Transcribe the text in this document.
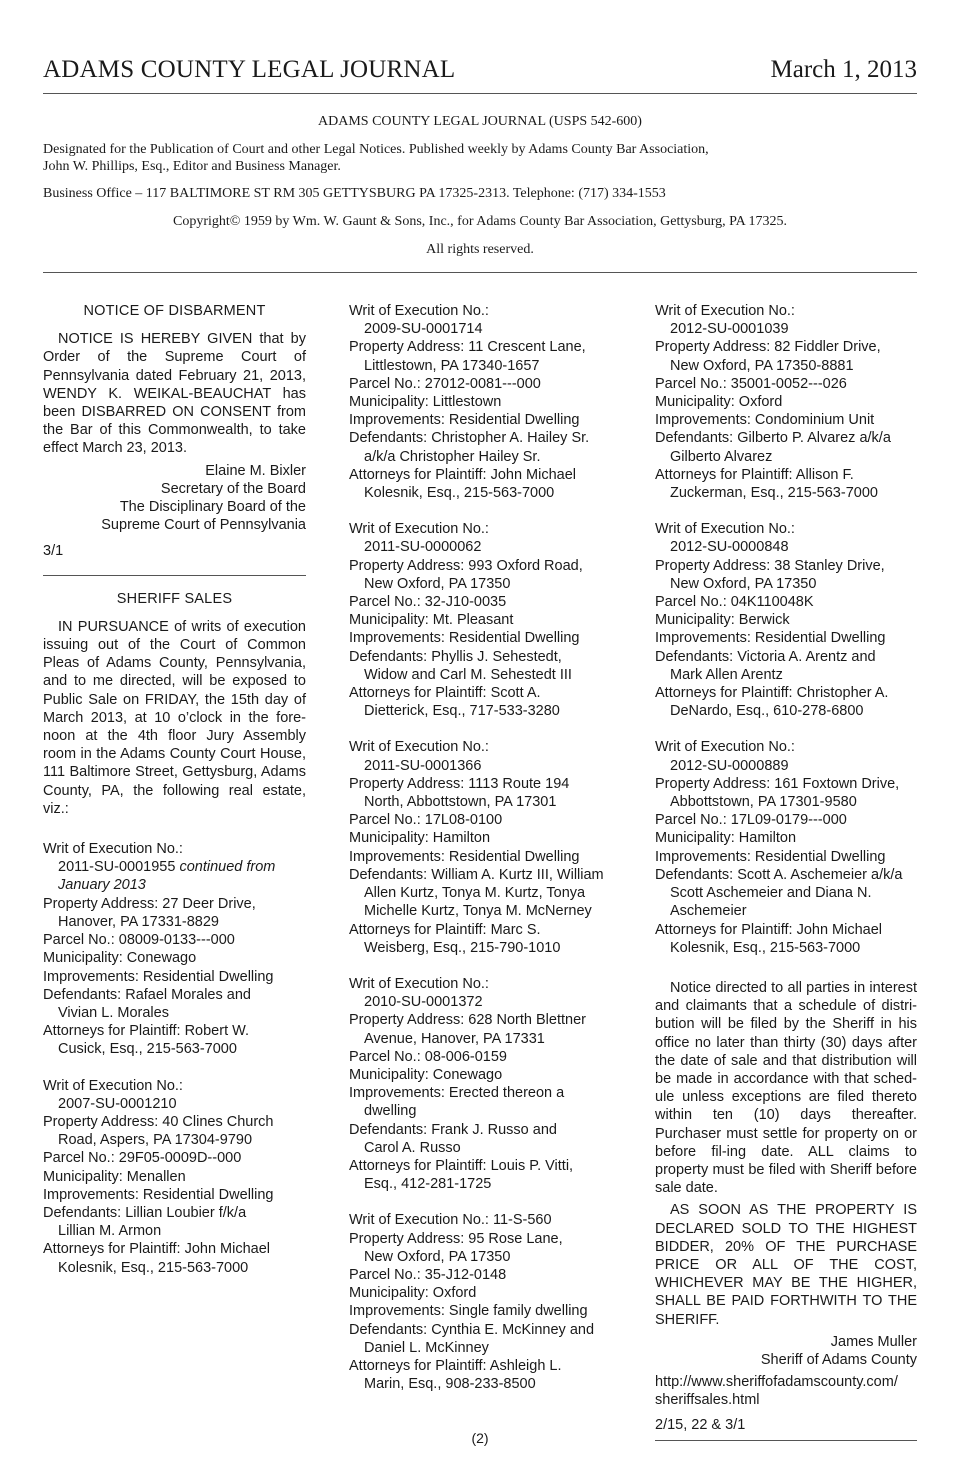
ADAMS COUNTY LEGAL JOURNAL	March 1, 2013
ADAMS COUNTY LEGAL JOURNAL (USPS 542-600)
Designated for the Publication of Court and other Legal Notices. Published weekly by Adams County Bar Association,
John W. Phillips, Esq., Editor and Business Manager.
Business Office – 117 BALTIMORE ST RM 305 GETTYSBURG PA 17325-2313. Telephone: (717) 334-1553
Copyright© 1959 by Wm. W. Gaunt & Sons, Inc., for Adams County Bar Association, Gettysburg, PA 17325.
All rights reserved.
NOTICE OF DISBARMENT

NOTICE IS HEREBY GIVEN that by Order of the Supreme Court of Pennsylvania dated February 21, 2013, WENDY K. WEIKAL-BEAUCHAT has been DISBARRED ON CONSENT from the Bar of this Commonwealth, to take effect March 23, 2013.

Elaine M. Bixler
Secretary of the Board
The Disciplinary Board of the
Supreme Court of Pennsylvania

3/1

SHERIFF SALES

IN PURSUANCE of writs of execution issuing out of the Court of Common Pleas of Adams County, Pennsylvania, and to me directed, will be exposed to Public Sale on FRIDAY, the 15th day of March 2013, at 10 o’clock in the fore-noon at the 4th floor Jury Assembly room in the Adams County Court House, 111 Baltimore Street, Gettysburg, Adams County, PA, the following real estate, viz.:

Writ of Execution No.:

2011-SU-0001955 continued from

January 2013

Property Address: 27 Deer Drive,

Hanover, PA 17331-8829

Parcel No.: 08009-0133---000

Municipality: Conewago

Improvements: Residential Dwelling

Defendants: Rafael Morales and

Vivian L. Morales

Attorneys for Plaintiff: Robert W.

Cusick, Esq., 215-563-7000

Writ of Execution No.:

2007-SU-0001210

Property Address: 40 Clines Church

Road, Aspers, PA 17304-9790

Parcel No.: 29F05-0009D--000

Municipality: Menallen

Improvements: Residential Dwelling

Defendants: Lillian Loubier f/k/a

Lillian M. Armon

Attorneys for Plaintiff: John Michael

Kolesnik, Esq., 215-563-7000

Writ of Execution No.:

2009-SU-0001714

Property Address: 11 Crescent Lane,

Littlestown, PA 17340-1657

Parcel No.: 27012-0081---000

Municipality: Littlestown

Improvements: Residential Dwelling

Defendants: Christopher A. Hailey Sr.

a/k/a Christopher Hailey Sr.

Attorneys for Plaintiff: John Michael

Kolesnik, Esq., 215-563-7000

Writ of Execution No.:

2011-SU-0000062

Property Address: 993 Oxford Road,

New Oxford, PA 17350

Parcel No.: 32-J10-0035

Municipality: Mt. Pleasant

Improvements: Residential Dwelling

Defendants: Phyllis J. Sehestedt,

Widow and Carl M. Sehestedt III

Attorneys for Plaintiff: Scott A.

Dietterick, Esq., 717-533-3280

Writ of Execution No.:

2011-SU-0001366

Property Address: 1113 Route 194

North, Abbottstown, PA 17301

Parcel No.: 17L08-0100

Municipality: Hamilton

Improvements: Residential Dwelling

Defendants: William A. Kurtz III, William

Allen Kurtz, Tonya M. Kurtz, Tonya

Michelle Kurtz, Tonya M. McNerney

Attorneys for Plaintiff: Marc S.

Weisberg, Esq., 215-790-1010

Writ of Execution No.:

2010-SU-0001372

Property Address: 628 North Blettner

Avenue, Hanover, PA 17331

Parcel No.: 08-006-0159

Municipality: Conewago

Improvements: Erected thereon a

dwelling

Defendants: Frank J. Russo and

Carol A. Russo

Attorneys for Plaintiff: Louis P. Vitti,

Esq., 412-281-1725

Writ of Execution No.: 11-S-560

Property Address: 95 Rose Lane,

New Oxford, PA 17350

Parcel No.: 35-J12-0148

Municipality: Oxford

Improvements: Single family dwelling

Defendants: Cynthia E. McKinney and

Daniel L. McKinney

Attorneys for Plaintiff: Ashleigh L.

Marin, Esq., 908-233-8500

Writ of Execution No.:

2012-SU-0001039

Property Address: 82 Fiddler Drive,

New Oxford, PA 17350-8881

Parcel No.: 35001-0052---026

Municipality: Oxford

Improvements: Condominium Unit

Defendants: Gilberto P. Alvarez a/k/a

Gilberto Alvarez

Attorneys for Plaintiff: Allison F.

Zuckerman, Esq., 215-563-7000

Writ of Execution No.:

2012-SU-0000848

Property Address: 38 Stanley Drive,

New Oxford, PA 17350

Parcel No.: 04K110048K

Municipality: Berwick

Improvements: Residential Dwelling

Defendants: Victoria A. Arentz and

Mark Allen Arentz

Attorneys for Plaintiff: Christopher A.

DeNardo, Esq., 610-278-6800

Writ of Execution No.:

2012-SU-0000889

Property Address: 161 Foxtown Drive,

Abbottstown, PA 17301-9580

Parcel No.: 17L09-0179---000

Municipality: Hamilton

Improvements: Residential Dwelling

Defendants: Scott A. Aschemeier a/k/a

Scott Aschemeier and Diana N.

Aschemeier

Attorneys for Plaintiff: John Michael

Kolesnik, Esq., 215-563-7000

Notice directed to all parties in interest and claimants that a schedule of distri-bution will be filed by the Sheriff in his office no later than thirty (30) days after the date of sale and that distribution will be made in accordance with that sched-ule unless exceptions are filed thereto within ten (10) days thereafter. Purchaser must settle for property on or before fil-ing date. ALL claims to property must be filed with Sheriff before sale date.

AS SOON AS THE PROPERTY IS DECLARED SOLD TO THE HIGHEST BIDDER, 20% OF THE PURCHASE PRICE OR ALL OF THE COST, WHICHEVER MAY BE THE HIGHER, SHALL BE PAID FORTHWITH TO THE SHERIFF.

James Muller
Sheriff of Adams County

http://www.sheriffofadamscounty.com/
sheriffsales.html

2/15, 22 & 3/1

(2)
